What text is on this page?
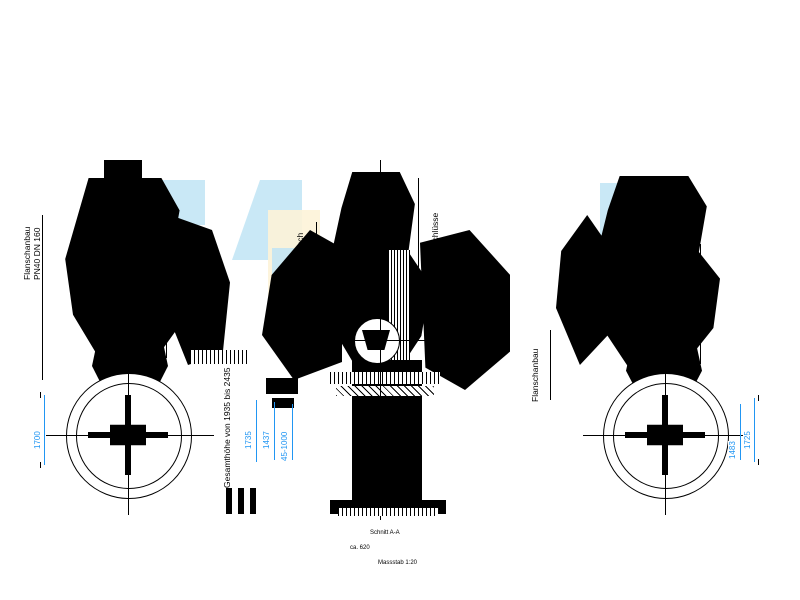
Flanschanbau PN40 DN 160	Flanschanbau PN40 DN 160	Eintrittsflansch PN40 DN 150
Absteckung	Dampfsperrdruck / Anschlüsse 3601 drehbar
Abgang PN40 DN 160
Auslass PN40 DN 10
Flanschanbau
1700	Gesamthöhe von 1935 bis 2435 1735 1437 45-1000	1725
1483
Schnitt A-A
ca. 620
Massstab 1:20
